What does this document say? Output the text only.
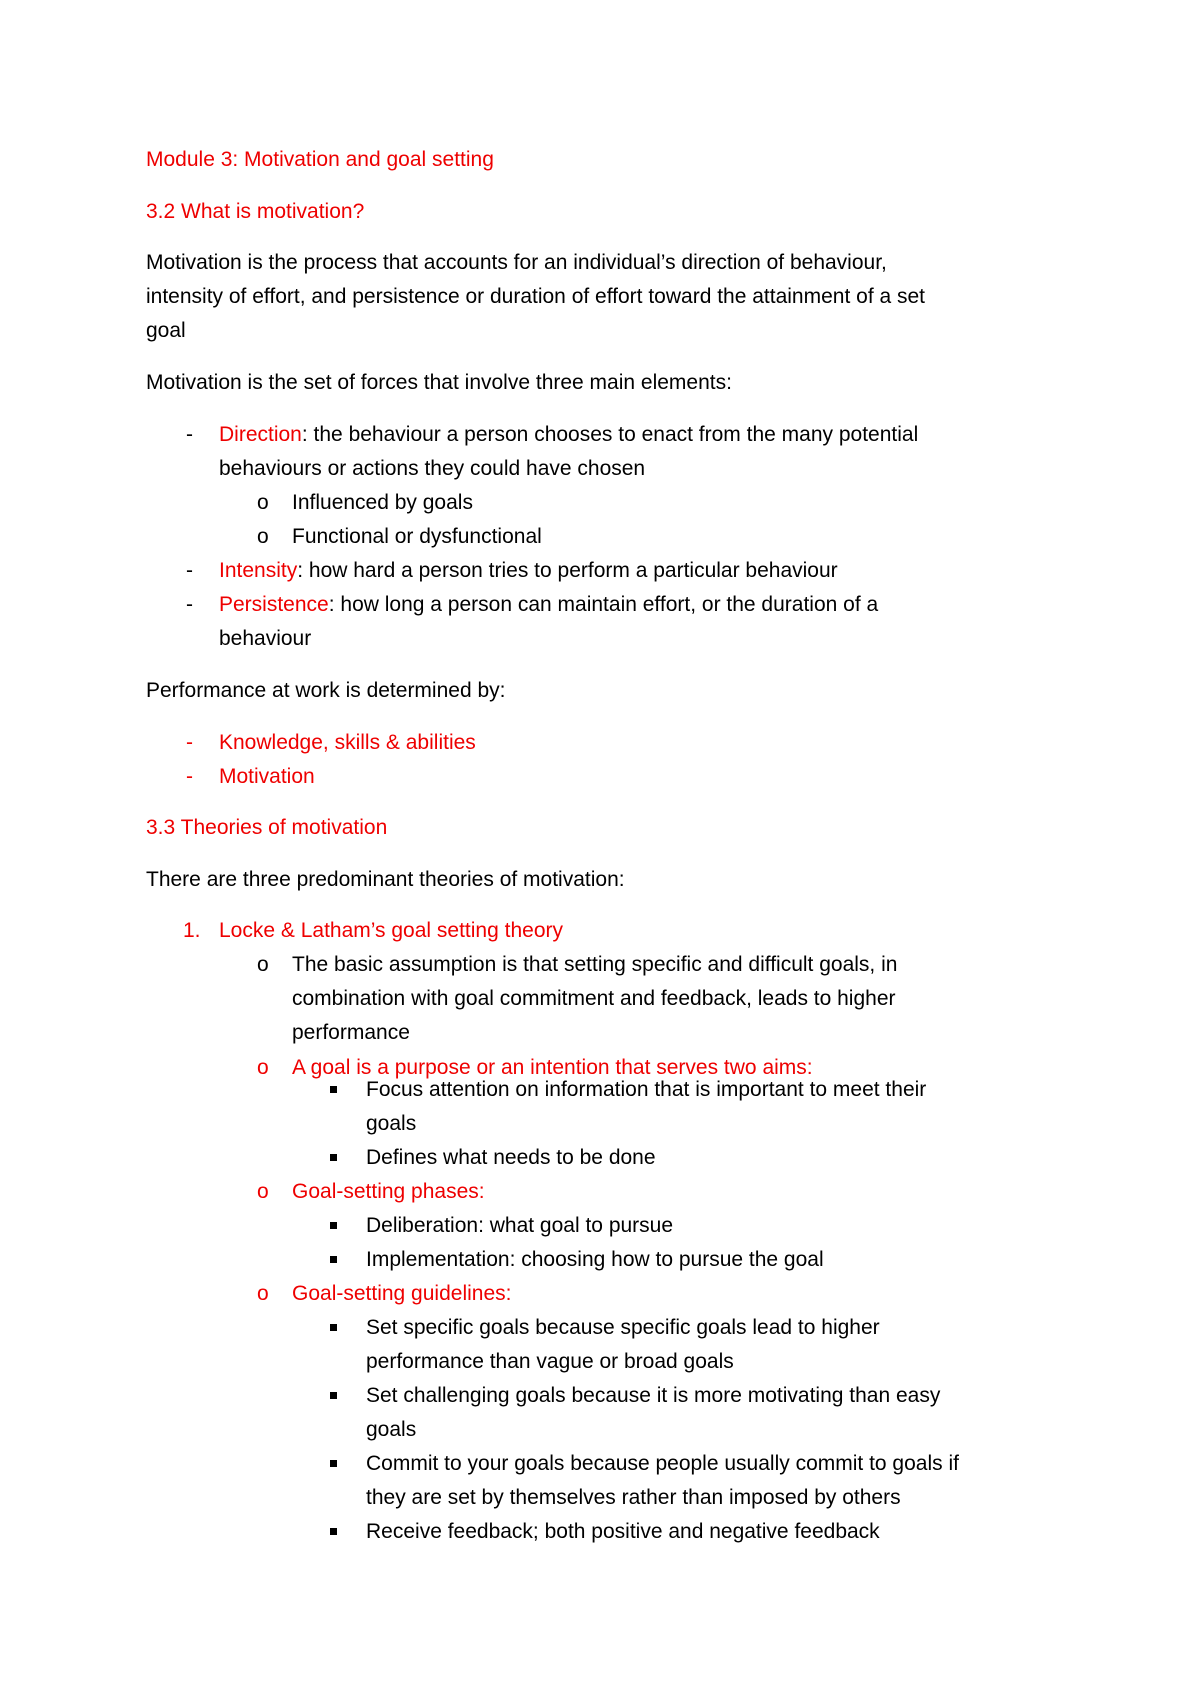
Module 3: Motivation and goal setting
3.2 What is motivation?
Motivation is the process that accounts for an individual’s direction of behaviour,
intensity of effort, and persistence or duration of effort toward the attainment of a set
goal
Motivation is the set of forces that involve three main elements:
- Direction: the behaviour a person chooses to enact from the many potential
behaviours or actions they could have chosen
o Influenced by goals
o Functional or dysfunctional
- Intensity: how hard a person tries to perform a particular behaviour
- Persistence: how long a person can maintain effort, or the duration of a
behaviour
Performance at work is determined by:
- Knowledge, skills & abilities
- Motivation
3.3 Theories of motivation
There are three predominant theories of motivation:
1. Locke & Latham’s goal setting theory
o The basic assumption is that setting specific and difficult goals, in
combination with goal commitment and feedback, leads to higher
performance
o A goal is a purpose or an intention that serves two aims:
Focus attention on information that is important to meet their
goals
Defines what needs to be done
o Goal-setting phases:
Deliberation: what goal to pursue
Implementation: choosing how to pursue the goal
o Goal-setting guidelines:
Set specific goals because specific goals lead to higher
performance than vague or broad goals
Set challenging goals because it is more motivating than easy
goals
Commit to your goals because people usually commit to goals if
they are set by themselves rather than imposed by others
Receive feedback; both positive and negative feedback
